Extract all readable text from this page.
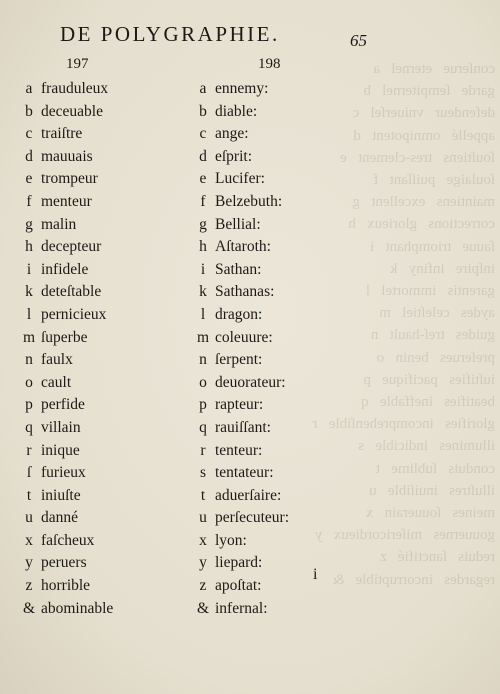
conſerue   eternel   a
garde   ſempiternel   b
defendeur   vniuerſel   c
appellé   omnipotent   d
ſouſtiens   tres-clement   e
ſoulaige   puiſſant   f
maintiens   excellent   g
corrections   glorieux   h
ſauue   triomphant   i
inſpire   infiny   k
garentis   immortel   l
aydes   celeſtiel   m
guides   treſ-hault   n
preſerues   benin   o
iuſtifies   pacifique   p
beatifies   ineffable   q
glorifies   incomprehenſible   r
illumines   indicible   s
conduis   ſublime   t
illuſtres   inuiſible   u
meines   ſouuerain   x
gouuernes   miſericordieux   y
reduis   ſanctifié   z
regardes   incorruptible   &
DE POLYGRAPHIE.	65
197	198
a frauduleux
b deceuable
c traiſtre
d mauuais
e trompeur
f menteur
g malin
h decepteur
i infidele
k deteſtable
l pernicieux
m ſuperbe
n faulx
o cault
p perfide
q villain
r inique
ſ furieux
t iniuſte
u danné
x faſcheux
y peruers
z horrible
& abominable
a ennemy:
b diable:
c ange:
d eſprit:
e Lucifer:
f Belzebuth:
g Bellial:
h Aſtaroth:
i Sathan:
k Sathanas:
l dragon:
m coleuure:
n ſerpent:
o deuorateur:
p rapteur:
q rauiſſant:
r tenteur:
s tentateur:
t aduerſaire:
u perſecuteur:
x lyon:
y liepard:
z apoſtat:
& infernal:
i
